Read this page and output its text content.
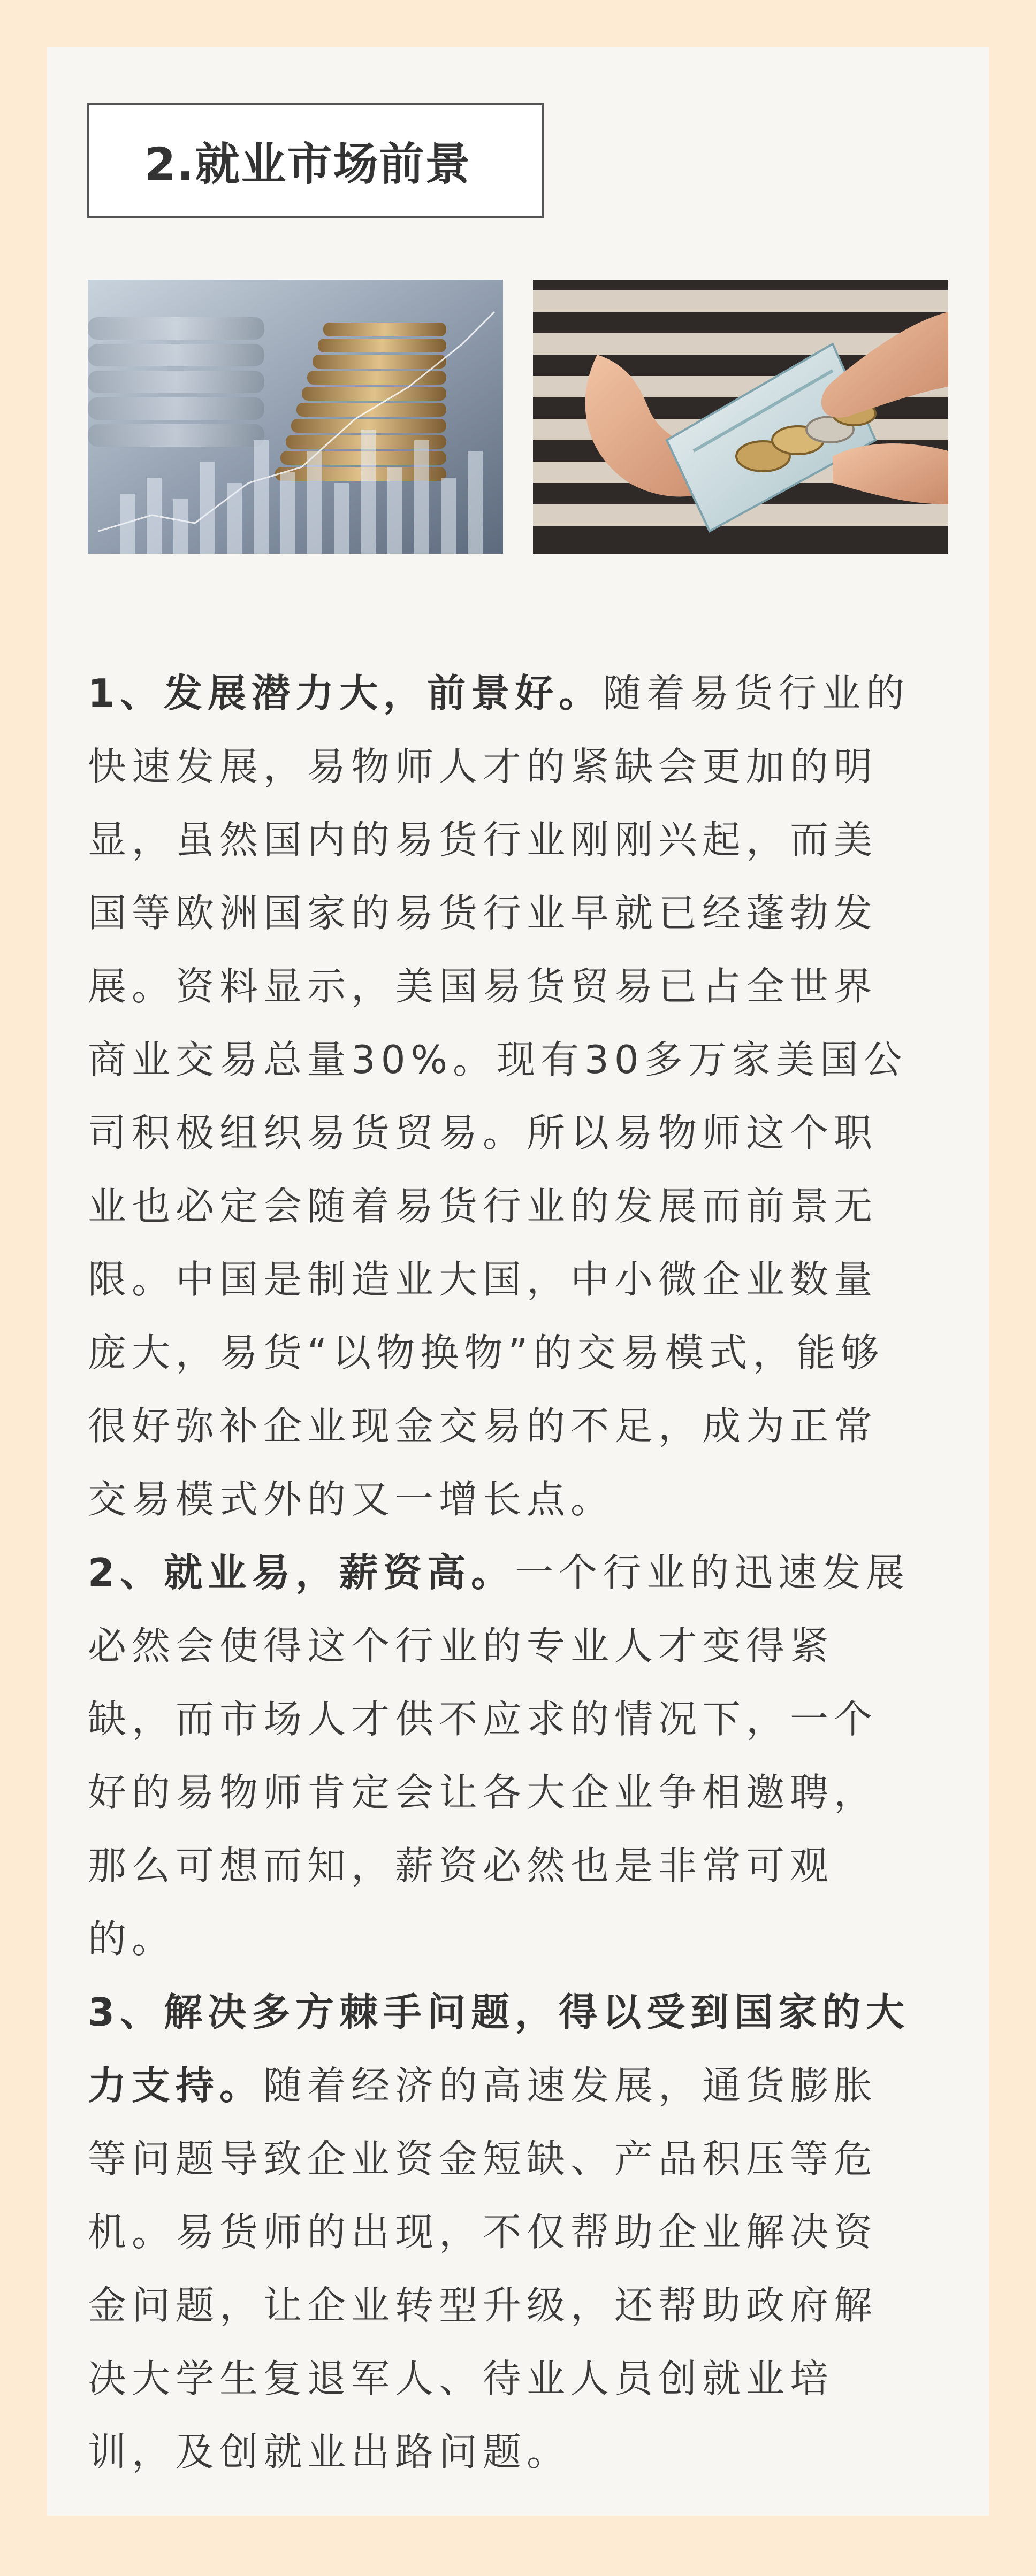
2.就业市场前景
1、发展潜力大，前景好。随着易货行业的
快速发展，易物师人才的紧缺会更加的明
显，虽然国内的易货行业刚刚兴起，而美
国等欧洲国家的易货行业早就已经蓬勃发
展。资料显示，美国易货贸易已占全世界
商业交易总量30%。现有30多万家美国公
司积极组织易货贸易。所以易物师这个职
业也必定会随着易货行业的发展而前景无
限。中国是制造业大国，中小微企业数量
庞大，易货“以物换物”的交易模式，能够
很好弥补企业现金交易的不足，成为正常
交易模式外的又一增长点。
2、就业易，薪资高。一个行业的迅速发展
必然会使得这个行业的专业人才变得紧
缺，而市场人才供不应求的情况下，一个
好的易物师肯定会让各大企业争相邀聘，
那么可想而知，薪资必然也是非常可观
的。
3、解决多方棘手问题，得以受到国家的大
力支持。随着经济的高速发展，通货膨胀
等问题导致企业资金短缺、产品积压等危
机。易货师的出现，不仅帮助企业解决资
金问题，让企业转型升级，还帮助政府解
决大学生复退军人、待业人员创就业培
训，及创就业出路问题。
